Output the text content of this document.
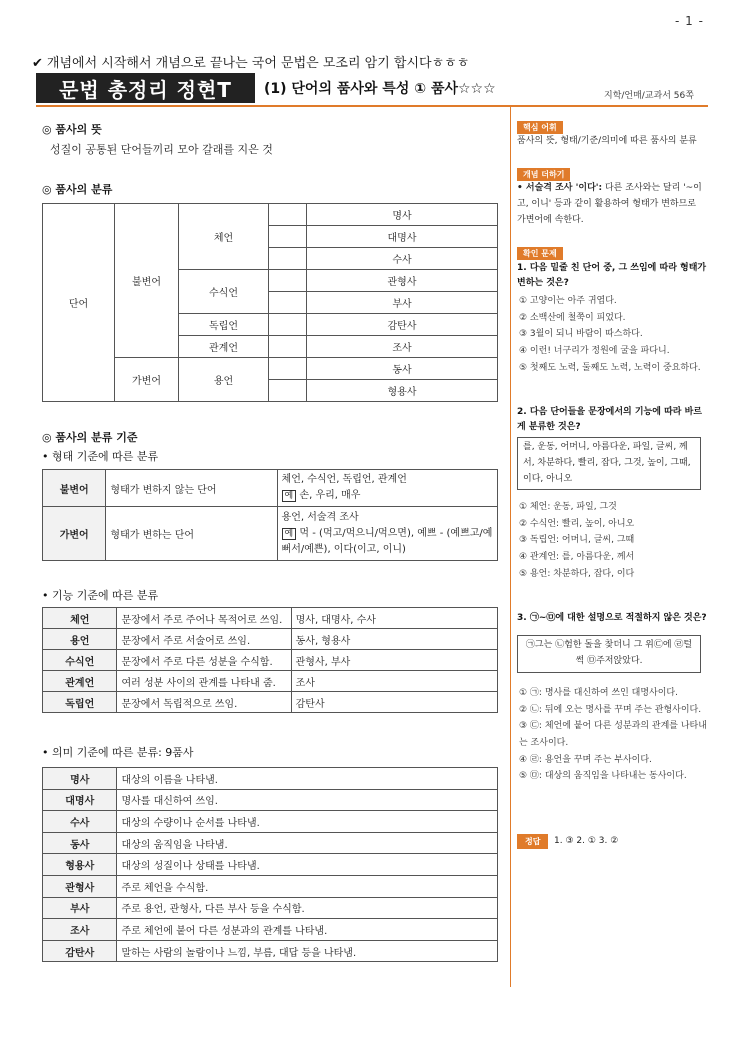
- 1 -
✔ 개념에서 시작해서 개념으로 끝나는 국어 문법은 모조리 암기 합시다ㅎㅎㅎ
문법 총정리 정현T	(1) 단어의 품사와 특성 ① 품사☆☆☆	지학/언매/교과서 56쪽
◎ 품사의 뜻
성질이 공통된 단어들끼리 모아 갈래를 지은 것
◎ 품사의 분류
단어	불변어	체언		명사
				대명사
				수사
		수식언		관형사
				부사
		독립언		감탄사
		관계언		조사
	가변어	용언		동사
				형용사
◎ 품사의 분류 기준
• 형태 기준에 따른 분류
불변어	형태가 변하지 않는 단어	체언, 수식언, 독립언, 관계언
예 손, 우리, 매우
가변어	형태가 변하는 단어	용언, 서술격 조사
예 먹 - (먹고/먹으니/먹으면), 예쁘 - (예쁘고/예뻐서/예쁜), 이다(이고, 이니)
• 기능 기준에 따른 분류
체언	문장에서 주로 주어나 목적어로 쓰임.	명사, 대명사, 수사
용언	문장에서 주로 서술어로 쓰임.	동사, 형용사
수식언	문장에서 주로 다른 성분을 수식함.	관형사, 부사
관계언	여러 성분 사이의 관계를 나타내 줌.	조사
독립언	문장에서 독립적으로 쓰임.	감탄사
• 의미 기준에 따른 분류: 9품사
명사	대상의 이름을 나타냄.
대명사	명사를 대신하여 쓰임.
수사	대상의 수량이나 순서를 나타냄.
동사	대상의 움직임을 나타냄.
형용사	대상의 성질이나 상태를 나타냄.
관형사	주로 체언을 수식함.
부사	주로 용언, 관형사, 다른 부사 등을 수식함.
조사	주로 체언에 붙어 다른 성분과의 관계를 나타냄.
감탄사	말하는 사람의 놀람이나 느낌, 부름, 대답 등을 나타냄.
핵심 어휘
품사의 뜻, 형태/기준/의미에 따른 품사의 분류
개념 더하기
• 서술격 조사 '이다': 다른 조사와는 달리 '~이고, 이니' 등과 같이 활용하여 형태가 변하므로 가변어에 속한다.
확인 문제
1. 다음 밑줄 친 단어 중, 그 쓰임에 따라 형태가 변하는 것은?
① 고양이는 아주 귀엽다.
② 소백산에 철쭉이 피었다.
③ 3월이 되니 바람이 따스하다.
④ 이런! 너구리가 정원에 굴을 파다니.
⑤ 첫째도 노력, 둘째도 노력, 노력이 중요하다.
2. 다음 단어들을 문장에서의 기능에 따라 바르게 분류한 것은?
를, 운동, 어머니, 아름다운, 파일, 글씨, 께서, 차분하다, 빨리, 잡다, 그것, 높이, 그때, 이다, 아니오
① 체언: 운동, 파일, 그것
② 수식언: 빨리, 높이, 아니오
③ 독립언: 어머니, 글씨, 그때
④ 관계언: 를, 아름다운, 께서
⑤ 용언: 차분하다, 잡다, 이다
3. ㉠~㉤에 대한 설명으로 적절하지 않은 것은?
㉠그는 ㉡험한 돌을 찾더니 그 위㉢에 ㉣털썩 ㉤주저앉았다.
① ㉠: 명사를 대신하여 쓰인 대명사이다.
② ㉡: 뒤에 오는 명사를 꾸며 주는 관형사이다.
③ ㉢: 체언에 붙어 다른 성분과의 관계를 나타내는 조사이다.
④ ㉣: 용언을 꾸며 주는 부사이다.
⑤ ㉤: 대상의 움직임을 나타내는 동사이다.
정답	1. ③ 2. ① 3. ②
